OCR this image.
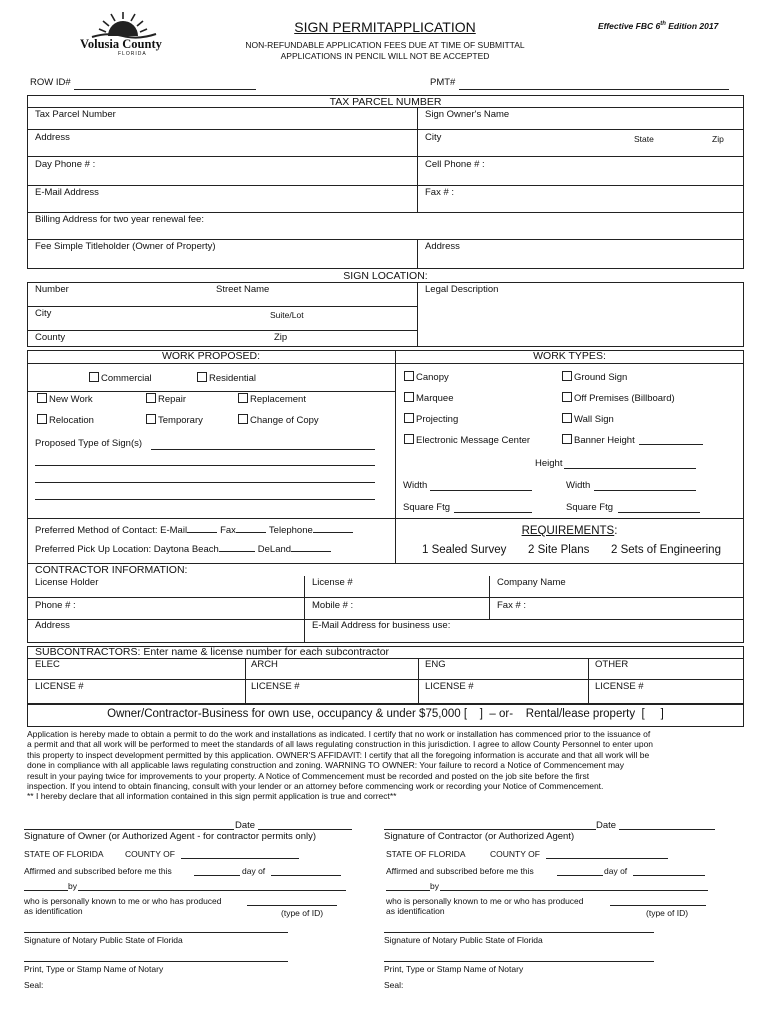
Volusia County
FLORIDA
SIGN PERMITAPPLICATION
NON-REFUNDABLE APPLICATION FEES DUE AT TIME OF SUBMITTAL
APPLICATIONS IN PENCIL WILL NOT BE ACCEPTED
Effective FBC 6th Edition 2017
ROW ID#	PMT#
TAX PARCEL NUMBER
Tax Parcel Number	Sign Owner's Name
Address	City	State	Zip
Day Phone # :	Cell Phone # :
E-Mail Address	Fax # :
Billing Address for two year renewal fee:
Fee Simple Titleholder (Owner of Property)	Address
SIGN LOCATION:
Number	Street Name	Legal Description
City	Suite/Lot
County	Zip
WORK PROPOSED:	WORK TYPES:
Commercial	Residential
New Work	Repair	Replacement
Relocation	Temporary	Change of Copy
Proposed Type of Sign(s)
Canopy	Ground Sign
Marquee	Off Premises (Billboard)
Projecting	Wall Sign
Electronic Message Center	Banner Height
Height
Width	Width
Square Ftg	Square Ftg
Preferred Method of Contact: E-Mail	Fax	Telephone
Preferred Pick Up Location: Daytona Beach	DeLand
REQUIREMENTS:
1 Sealed Survey 2 Site Plans 2 Sets of Engineering
CONTRACTOR INFORMATION:
License Holder	License #	Company Name
Phone # :	Mobile # :	Fax # :
Address	E-Mail Address for business use:
SUBCONTRACTORS: Enter name & license number for each subcontractor
ELEC	ARCH	ENG	OTHER
LICENSE #	LICENSE #	LICENSE #	LICENSE #
Owner/Contractor-Business for own use, occupancy & under $75,000 [    ]  – or-    Rental/lease property  [     ]
Application is hereby made to obtain a permit to do the work and installations as indicated. I certify that no work or installation has commenced prior to the issuance of
a permit and that all work will be performed to meet the standards of all laws regulating construction in this jurisdiction. I agree to allow County Personnel to enter upon
this property to inspect development permitted by this application. OWNER'S AFFIDAVIT: I certify that all the foregoing information is accurate and that all work will be
done in compliance with all applicable laws regulating construction and zoning. WARNING TO OWNER: Your failure to record a Notice of Commencement may
result in your paying twice for improvements to your property. A Notice of Commencement must be recorded and posted on the job site before the first
inspection. If you intend to obtain financing, consult with your lender or an attorney before commencing work or recording your Notice of Commencement.
** I hereby declare that all information contained in this sign permit application is true and correct**
Date
Signature of Owner (or Authorized Agent - for contractor permits only)
STATE OF FLORIDA	COUNTY OF
Affirmed and subscribed before me this	day of
by
who is personally known to me or who has produced
as identification	(type of ID)
Signature of Notary Public State of Florida
Print, Type or Stamp Name of Notary
Seal:
Date
Signature of Contractor (or Authorized Agent)
STATE OF FLORIDA	COUNTY OF
Affirmed and subscribed before me this	day of
by
who is personally known to me or who has produced
as identification	(type of ID)
Signature of Notary Public State of Florida
Print, Type or Stamp Name of Notary
Seal:
